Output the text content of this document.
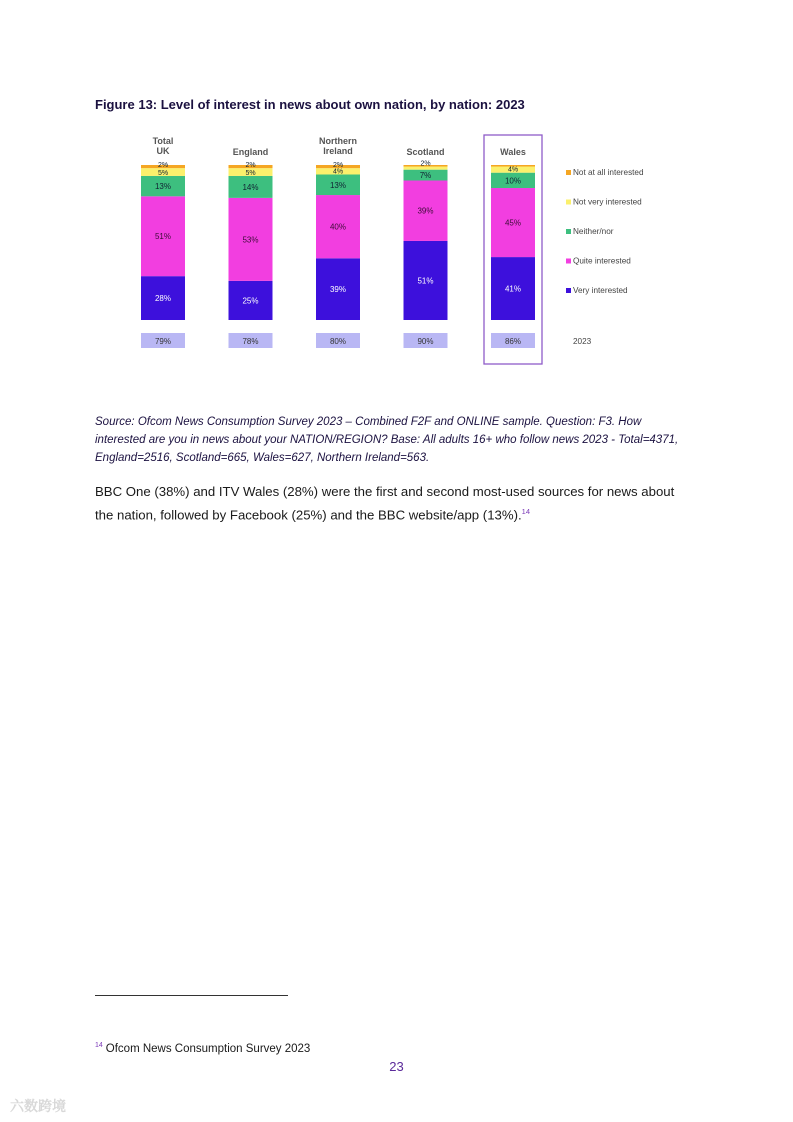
Figure 13: Level of interest in news about own nation, by nation: 2023
Total
UK
28%
51%
13%
5%
2%
79%
England
25%
53%
14%
5%
2%
78%
Northern
Ireland
39%
40%
13%
4%
2%
80%
Scotland
51%
39%
7%
2%
90%
Wales
41%
45%
10%
4%
86%
Not at all interested
Not very interested
Neither/nor
Quite interested
Very interested
2023
Source: Ofcom News Consumption Survey 2023 – Combined F2F and ONLINE sample. Question: F3. How interested are you in news about your NATION/REGION? Base: All adults 16+ who follow news 2023 - Total=4371, England=2516, Scotland=665, Wales=627, Northern Ireland=563.
BBC One (38%) and ITV Wales (28%) were the first and second most-used sources for news about the nation, followed by Facebook (25%) and the BBC website/app (13%).$^{14}$
$^{14}$ Ofcom News Consumption Survey 2023
23
六数跨境
